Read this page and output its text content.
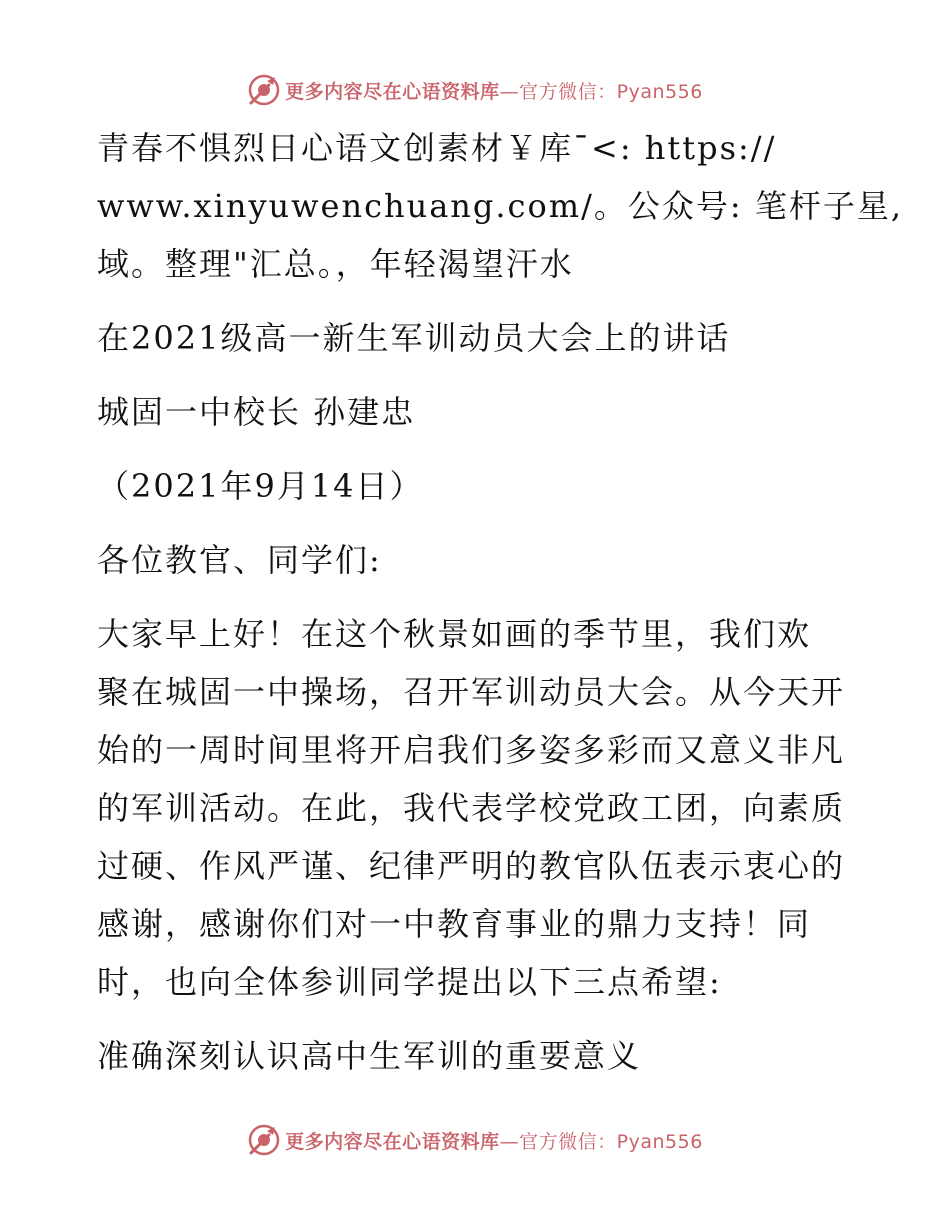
更多内容尽在心语资料库—官方微信：Pyan556
青春不惧烈日心语文创素材￥库¯<: https://
www.xinyuwenchuang.com/。公众号: 笔杆子星,
域。整理"汇总。，年轻渴望汗水
在2021级高一新生军训动员大会上的讲话
城固一中校长 孙建忠
（2021年9月14日）
各位教官、同学们:
大家早上好！在这个秋景如画的季节里，我们欢
聚在城固一中操场，召开军训动员大会。从今天开
始的一周时间里将开启我们多姿多彩而又意义非凡
的军训活动。在此，我代表学校党政工团，向素质
过硬、作风严谨、纪律严明的教官队伍表示衷心的
感谢，感谢你们对一中教育事业的鼎力支持！同
时，也向全体参训同学提出以下三点希望:
准确深刻认识高中生军训的重要意义
更多内容尽在心语资料库—官方微信：Pyan556
